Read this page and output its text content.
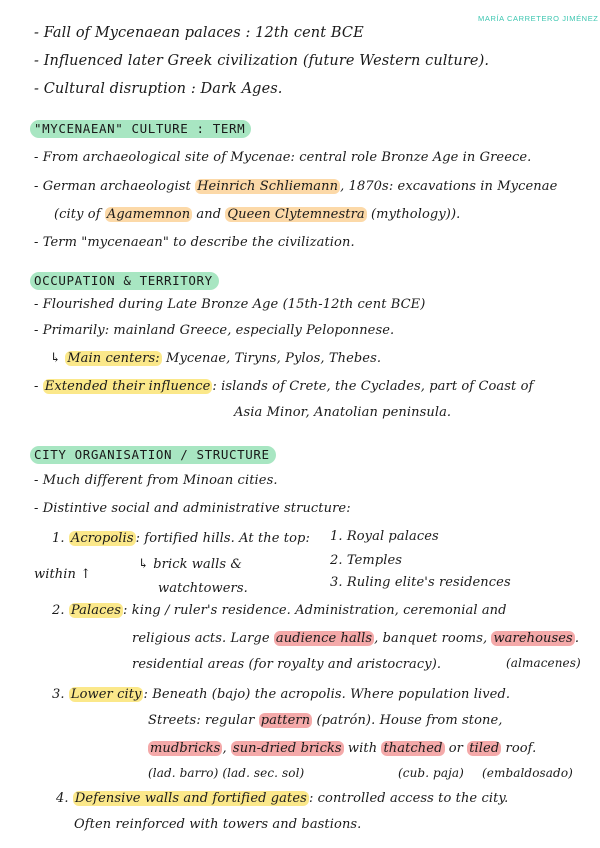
MARÍA CARRETERO JIMÉNEZ
- Fall of Mycenaean palaces : 12th cent BCE
- Influenced later Greek civilization (future Western culture).
- Cultural disruption : Dark Ages.
"MYCENAEAN" CULTURE : TERM
- From archaeological site of Mycenae: central role Bronze Age in Greece.
- German archaeologist Heinrich Schliemann , 1870s: excavations in Mycenae
(city of Agamemnon and Queen Clytemnestra (mythology)).
- Term "mycenaean" to describe the civilization.
OCCUPATION & TERRITORY
- Flourished during Late Bronze Age (15th-12th cent BCE)
- Primarily: mainland Greece, especially Peloponnese.
↳ Main centers: Mycenae, Tiryns, Pylos, Thebes.
- Extended their influence : islands of Crete, the Cyclades, part of Coast of
Asia Minor, Anatolian peninsula.
CITY ORGANISATION / STRUCTURE
- Much different from Minoan cities.
- Distintive social and administrative structure:
1. Acropolis : fortified hills. At the top: 1. Royal palaces
↳ brick walls &	2. Temples
within ↑
watchtowers.	3. Ruling elite's residences
2. Palaces : king / ruler's residence. Administration, ceremonial and
religious acts. Large audience halls , banquet rooms, warehouses .
residential areas (for royalty and aristocracy).	(almacenes)
3. Lower city : Beneath (bajo) the acropolis. Where population lived.
Streets: regular pattern (patrón). House from stone,
mudbricks , sun-dried bricks with thatched or tiled roof.
(lad. barro) (lad. sec. sol)	(cub. paja) (embaldosado)
4. Defensive walls and fortified gates : controlled access to the city.
Often reinforced with towers and bastions.
